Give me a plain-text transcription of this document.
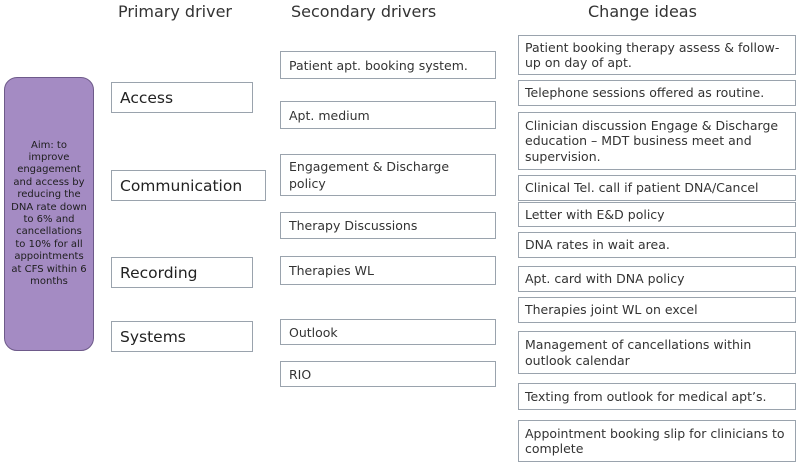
Primary driver	Secondary drivers	Change ideas
Aim: to improve engagement and access by reducing the DNA rate down to 6% and cancellations to 10% for all appointments at CFS within 6 months
Access
Communication
Recording
Systems
Patient apt. booking system.
Apt. medium
Engagement & Discharge policy
Therapy Discussions
Therapies WL
Outlook
RIO
Patient booking therapy assess & follow-up on day of apt.
Telephone sessions offered as routine.
Clinician discussion Engage & Discharge education – MDT business meet and supervision.
Clinical Tel. call if patient DNA/Cancel
Letter with E&D policy
DNA rates in wait area.
Apt. card with DNA policy
Therapies joint WL on excel
Management of cancellations within outlook calendar
Texting from outlook for medical apt’s.
Appointment booking slip for clinicians to complete
